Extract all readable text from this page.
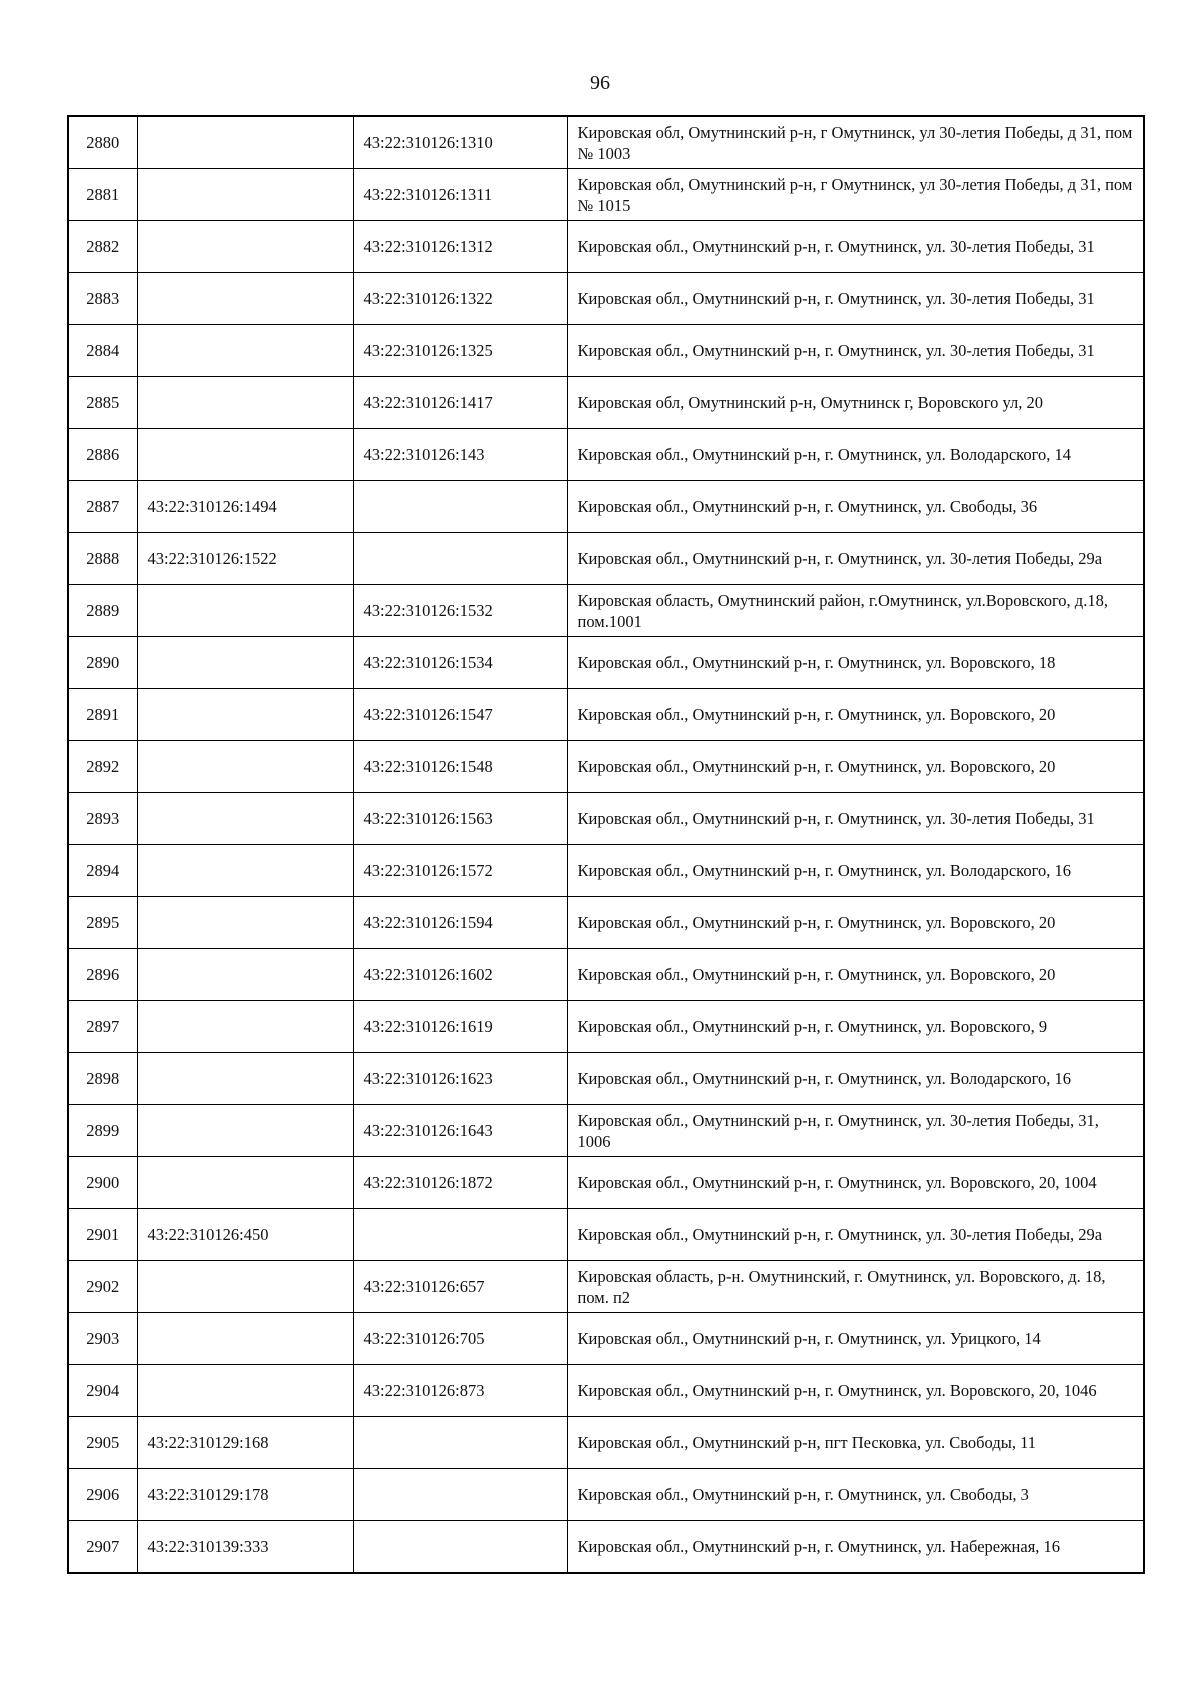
96
2880		43:22:310126:1310	Кировская обл, Омутнинский р-н, г Омутнинск, ул 30-летия Победы, д 31, пом № 1003
2881		43:22:310126:1311	Кировская обл, Омутнинский р-н, г Омутнинск, ул 30-летия Победы, д 31, пом № 1015
2882		43:22:310126:1312	Кировская обл., Омутнинский р-н, г. Омутнинск, ул. 30-летия Победы, 31
2883		43:22:310126:1322	Кировская обл., Омутнинский р-н, г. Омутнинск, ул. 30-летия Победы, 31
2884		43:22:310126:1325	Кировская обл., Омутнинский р-н, г. Омутнинск, ул. 30-летия Победы, 31
2885		43:22:310126:1417	Кировская обл, Омутнинский р-н, Омутнинск г, Воровского ул, 20
2886		43:22:310126:143	Кировская обл., Омутнинский р-н, г. Омутнинск, ул. Володарского, 14
2887	43:22:310126:1494		Кировская обл., Омутнинский р-н, г. Омутнинск, ул. Свободы, 36
2888	43:22:310126:1522		Кировская обл., Омутнинский р-н, г. Омутнинск, ул. 30-летия Победы, 29а
2889		43:22:310126:1532	Кировская область, Омутнинский район, г.Омутнинск, ул.Воровского, д.18, пом.1001
2890		43:22:310126:1534	Кировская обл., Омутнинский р-н, г. Омутнинск, ул. Воровского, 18
2891		43:22:310126:1547	Кировская обл., Омутнинский р-н, г. Омутнинск, ул. Воровского, 20
2892		43:22:310126:1548	Кировская обл., Омутнинский р-н, г. Омутнинск, ул. Воровского, 20
2893		43:22:310126:1563	Кировская обл., Омутнинский р-н, г. Омутнинск, ул. 30-летия Победы, 31
2894		43:22:310126:1572	Кировская обл., Омутнинский р-н, г. Омутнинск, ул. Володарского, 16
2895		43:22:310126:1594	Кировская обл., Омутнинский р-н, г. Омутнинск, ул. Воровского, 20
2896		43:22:310126:1602	Кировская обл., Омутнинский р-н, г. Омутнинск, ул. Воровского, 20
2897		43:22:310126:1619	Кировская обл., Омутнинский р-н, г. Омутнинск, ул. Воровского, 9
2898		43:22:310126:1623	Кировская обл., Омутнинский р-н, г. Омутнинск, ул. Володарского, 16
2899		43:22:310126:1643	Кировская обл., Омутнинский р-н, г. Омутнинск, ул. 30-летия Победы, 31, 1006
2900		43:22:310126:1872	Кировская обл., Омутнинский р-н, г. Омутнинск, ул. Воровского, 20, 1004
2901	43:22:310126:450		Кировская обл., Омутнинский р-н, г. Омутнинск, ул. 30-летия Победы, 29а
2902		43:22:310126:657	Кировская область, р-н. Омутнинский, г. Омутнинск, ул. Воровского, д. 18, пом. п2
2903		43:22:310126:705	Кировская обл., Омутнинский р-н, г. Омутнинск, ул. Урицкого, 14
2904		43:22:310126:873	Кировская обл., Омутнинский р-н, г. Омутнинск, ул. Воровского, 20, 1046
2905	43:22:310129:168		Кировская обл., Омутнинский р-н, пгт Песковка, ул. Свободы, 11
2906	43:22:310129:178		Кировская обл., Омутнинский р-н, г. Омутнинск, ул. Свободы, 3
2907	43:22:310139:333		Кировская обл., Омутнинский р-н, г. Омутнинск, ул. Набережная, 16
